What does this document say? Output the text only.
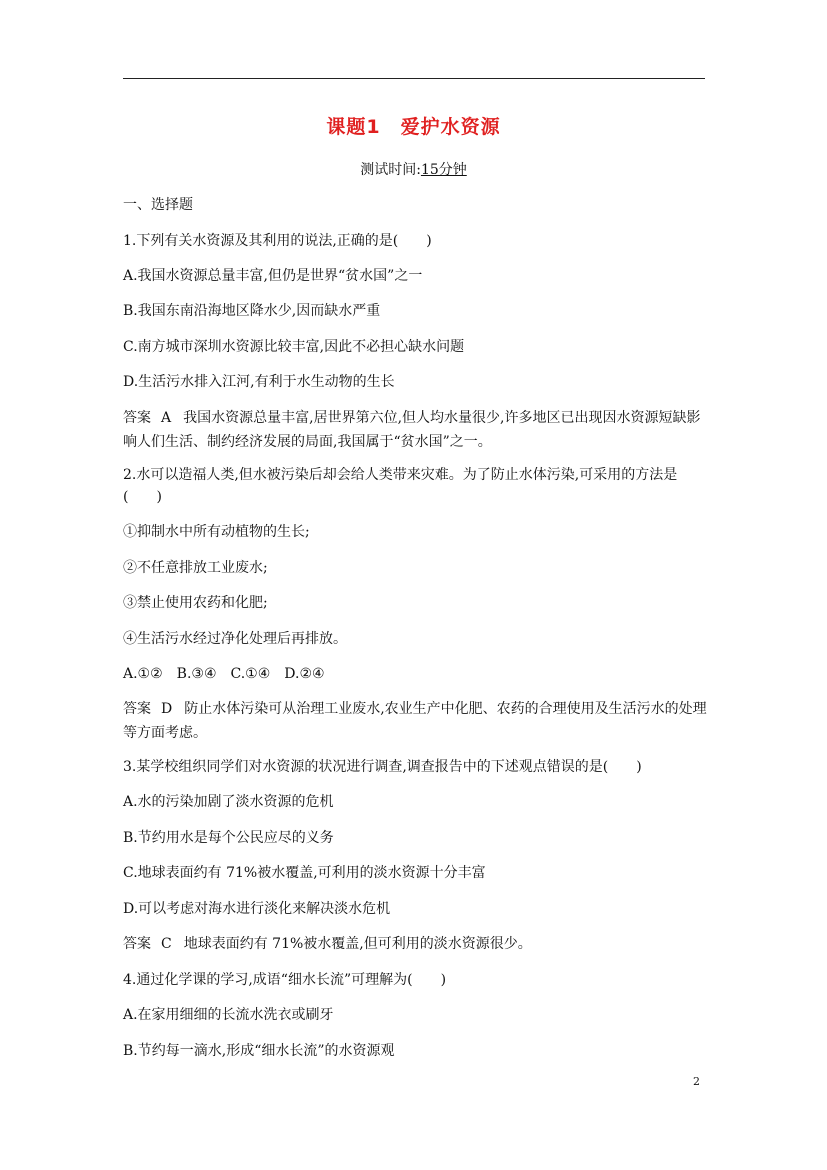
课题1　爱护水资源
测试时间:15分钟
一、选择题
1.下列有关水资源及其利用的说法,正确的是(　　)
A.我国水资源总量丰富,但仍是世界“贫水国”之一
B.我国东南沿海地区降水少,因而缺水严重
C.南方城市深圳水资源比较丰富,因此不必担心缺水问题
D.生活污水排入江河,有利于水生动物的生长
答案 A 我国水资源总量丰富,居世界第六位,但人均水量很少,许多地区已出现因水资源短缺影响人们生活、制约经济发展的局面,我国属于“贫水国”之一。
2.水可以造福人类,但水被污染后却会给人类带来灾难。为了防止水体污染,可采用的方法是
(　　)
①抑制水中所有动植物的生长;
②不任意排放工业废水;
③禁止使用农药和化肥;
④生活污水经过净化处理后再排放。
A.①②　B.③④　C.①④　D.②④
答案 D 防止水体污染可从治理工业废水,农业生产中化肥、农药的合理使用及生活污水的处理等方面考虑。
3.某学校组织同学们对水资源的状况进行调查,调查报告中的下述观点错误的是(　　)
A.水的污染加剧了淡水资源的危机
B.节约用水是每个公民应尽的义务
C.地球表面约有 71%被水覆盖,可利用的淡水资源十分丰富
D.可以考虑对海水进行淡化来解决淡水危机
答案 C 地球表面约有 71%被水覆盖,但可利用的淡水资源很少。
4.通过化学课的学习,成语“细水长流”可理解为(　　)
A.在家用细细的长流水洗衣或刷牙
B.节约每一滴水,形成“细水长流”的水资源观
2
